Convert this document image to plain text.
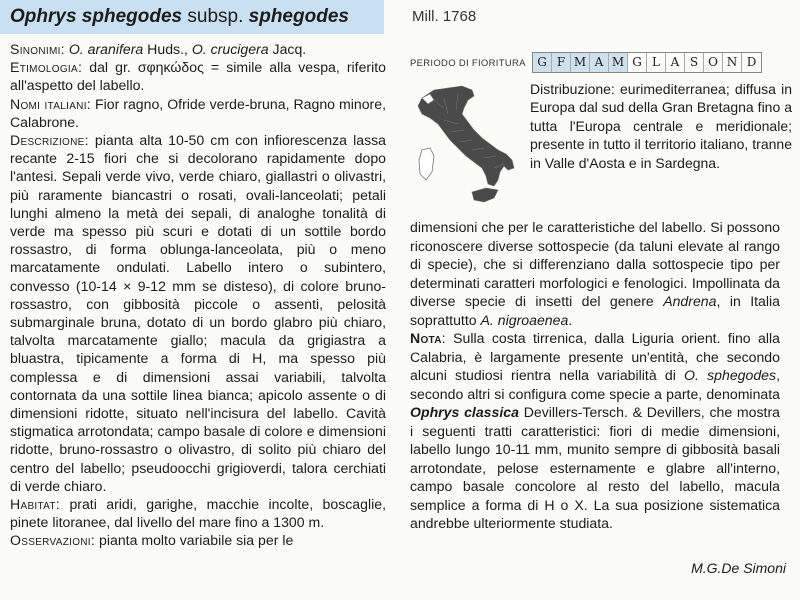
Ophrys sphegodes subsp. sphegodes	Mill. 1768

Sinonimi: O. aranifera Huds., O. crucigera Jacq.

Etimologia: dal gr. σφηκώδος = simile alla vespa, riferito all'aspetto del labello.

Nomi italiani: Fior ragno, Ofride verde-bruna, Ragno minore, Calabrone.

Descrizione: pianta alta 10-50 cm con infiorescenza lassa recante 2-15 fiori che si decolorano rapidamente dopo l'antesi. Sepali verde vivo, verde chiaro, giallastri o olivastri, più raramente biancastri o rosati, ovali-lanceolati; petali lunghi almeno la metà dei sepali, di analoghe tonalità di verde ma spesso più scuri e dotati di un sottile bordo rossastro, di forma oblunga-lanceolata, più o meno marcatamente ondulati. Labello intero o subintero, convesso (10-14 × 9-12 mm se disteso), di colore bruno-rossastro, con gibbosità piccole o assenti, pelosità submarginale bruna, dotato di un bordo glabro più chiaro, talvolta marcatamente giallo; macula da grigiastra a bluastra, tipicamente a forma di H, ma spesso più complessa e di dimensioni assai variabili, talvolta contornata da una sottile linea bianca; apicolo assente o di dimensioni ridotte, situato nell'incisura del labello. Cavità stigmatica arrotondata; campo basale di colore e dimensioni ridotte, bruno-rossastro o olivastro, di solito più chiaro del centro del labello; pseudoocchi grigioverdi, talora cerchiati di verde chiaro.

Habitat: prati aridi, garighe, macchie incolte, boscaglie, pinete litoranee, dal livello del mare fino a 1300 m.

Osservazioni: pianta molto variabile sia per le

PERIODO DI FIORITURA G F M A M G L A S O N D

Distribuzione: eurimediterranea; diffusa in Europa dal sud della Gran Bretagna fino a tutta l'Europa centrale e meridionale; presente in tutto il territorio italiano, tranne in Valle d'Aosta e in Sardegna.

dimensioni che per le caratteristiche del labello. Si possono riconoscere diverse sottospecie (da taluni elevate al rango di specie), che si differenziano dalla sottospecie tipo per determinati caratteri morfologici e fenologici. Impollinata da diverse specie di insetti del genere Andrena, in Italia soprattutto A. nigroaenea.

Nota: Sulla costa tirrenica, dalla Liguria orient. fino alla Calabria, è largamente presente un'entità, che secondo alcuni studiosi rientra nella variabilità di O. sphegodes, secondo altri si configura come specie a parte, denominata Ophrys classica Devillers-Tersch. & Devillers, che mostra i seguenti tratti caratteristici: fiori di medie dimensioni, labello lungo 10-11 mm, munito sempre di gibbosità basali arrotondate, pelose esternamente e glabre all'interno, campo basale concolore al resto del labello, macula semplice a forma di H o X. La sua posizione sistematica andrebbe ulteriormente studiata.

M.G.De Simoni
